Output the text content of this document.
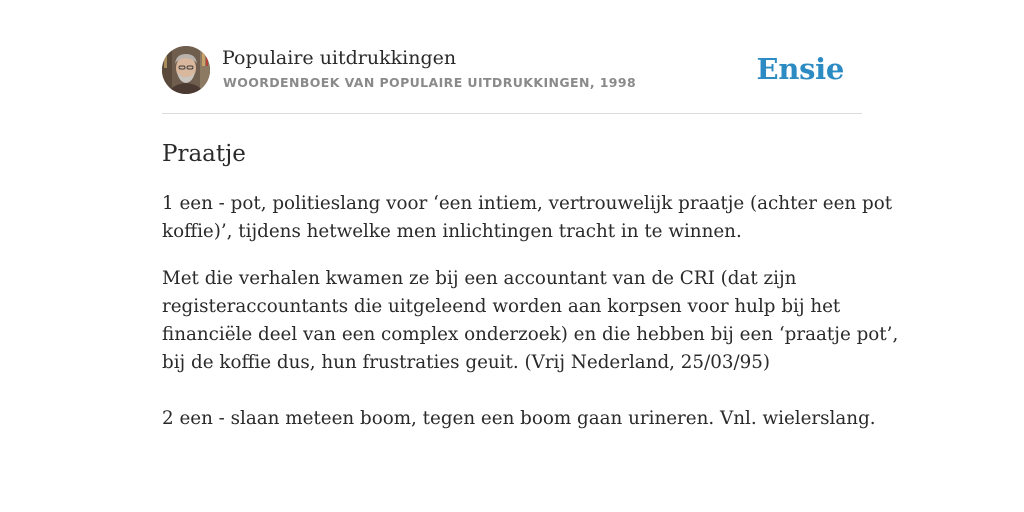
Populaire uitdrukkingen
WOORDENBOEK VAN POPULAIRE UITDRUKKINGEN, 1998	Ensie
Praatje

1 een - pot, politieslang voor ‘een intiem, vertrouwelijk praatje (achter een pot
koffie)’, tijdens hetwelke men inlichtingen tracht in te winnen.

Met die verhalen kwamen ze bij een accountant van de CRI (dat zijn
registeraccountants die uitgeleend worden aan korpsen voor hulp bij het
financiële deel van een complex onderzoek) en die hebben bij een ‘praatje pot’,
bij de koffie dus, hun frustraties geuit. (Vrij Nederland, 25/03/95)

2 een - slaan meteen boom, tegen een boom gaan urineren. Vnl. wielerslang.
